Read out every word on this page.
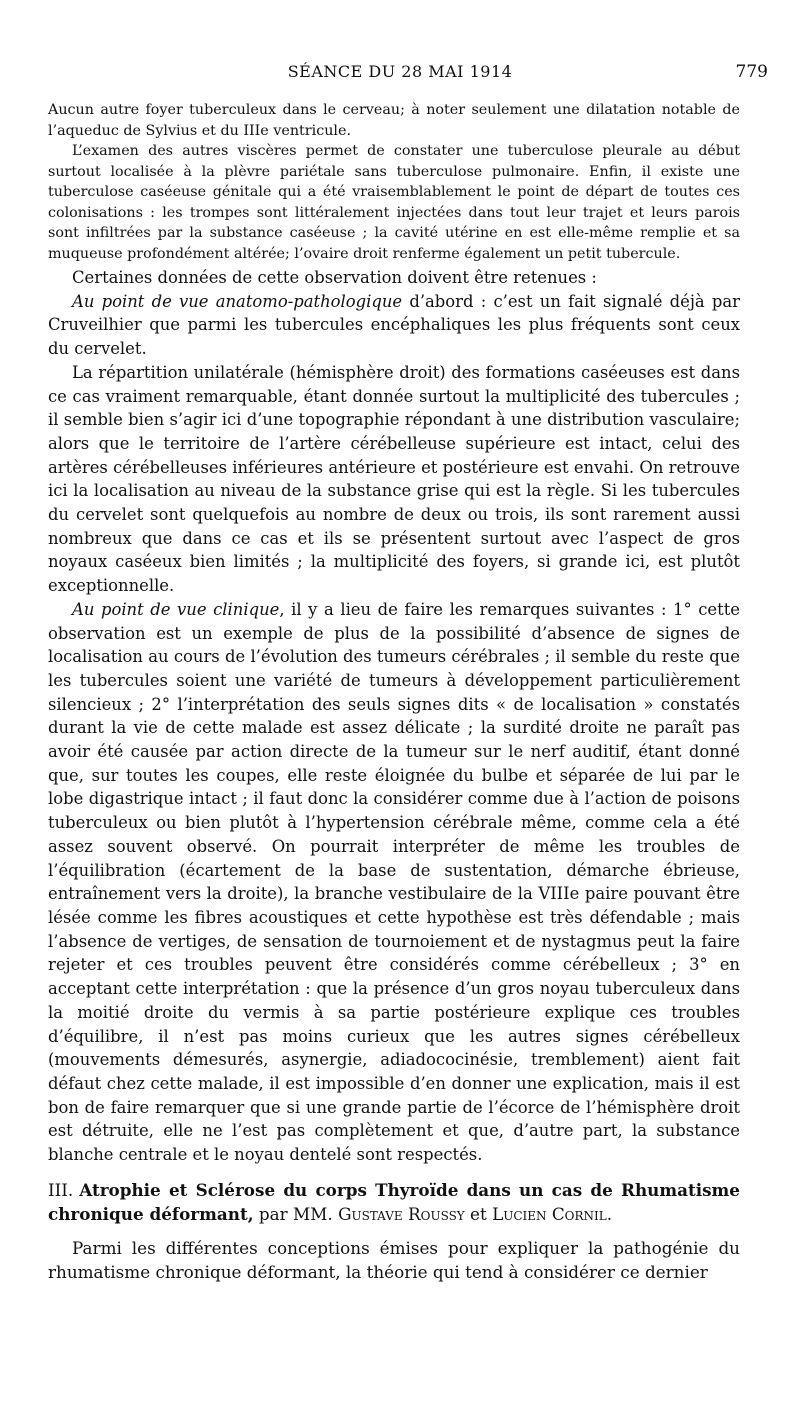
SÉANCE DU 28 MAI 1914	779

Aucun autre foyer tuberculeux dans le cerveau; à noter seulement une dilatation notable de l’aqueduc de Sylvius et du IIIe ventricule.

L’examen des autres viscères permet de constater une tuberculose pleurale au début surtout localisée à la plèvre pariétale sans tuberculose pulmonaire. Enfin, il existe une tuberculose caséeuse génitale qui a été vraisemblablement le point de départ de toutes ces colonisations : les trompes sont littéralement injectées dans tout leur trajet et leurs parois sont infiltrées par la substance caséeuse ; la cavité utérine en est elle-même remplie et sa muqueuse profondément altérée; l’ovaire droit renferme également un petit tubercule.

Certaines données de cette observation doivent être retenues :

Au point de vue anatomo-pathologique d’abord : c’est un fait signalé déjà par Cruveilhier que parmi les tubercules encéphaliques les plus fréquents sont ceux du cervelet.

La répartition unilatérale (hémisphère droit) des formations caséeuses est dans ce cas vraiment remarquable, étant donnée surtout la multiplicité des tubercules ; il semble bien s’agir ici d’une topographie répondant à une distribution vasculaire; alors que le territoire de l’artère cérébelleuse supérieure est intact, celui des artères cérébelleuses inférieures antérieure et postérieure est envahi. On retrouve ici la localisation au niveau de la substance grise qui est la règle. Si les tubercules du cervelet sont quelquefois au nombre de deux ou trois, ils sont rarement aussi nombreux que dans ce cas et ils se présentent surtout avec l’aspect de gros noyaux caséeux bien limités ; la multiplicité des foyers, si grande ici, est plutôt exceptionnelle.

Au point de vue clinique, il y a lieu de faire les remarques suivantes : 1° cette observation est un exemple de plus de la possibilité d’absence de signes de localisation au cours de l’évolution des tumeurs cérébrales ; il semble du reste que les tubercules soient une variété de tumeurs à développement particulièrement silencieux ; 2° l’interprétation des seuls signes dits « de localisation » constatés durant la vie de cette malade est assez délicate ; la surdité droite ne paraît pas avoir été causée par action directe de la tumeur sur le nerf auditif, étant donné que, sur toutes les coupes, elle reste éloignée du bulbe et séparée de lui par le lobe digastrique intact ; il faut donc la considérer comme due à l’action de poisons tuberculeux ou bien plutôt à l’hypertension cérébrale même, comme cela a été assez souvent observé. On pourrait interpréter de même les troubles de l’équilibration (écartement de la base de sustentation, démarche ébrieuse, entraînement vers la droite), la branche vestibulaire de la VIIIe paire pouvant être lésée comme les fibres acoustiques et cette hypothèse est très défendable ; mais l’absence de vertiges, de sensation de tournoiement et de nystagmus peut la faire rejeter et ces troubles peuvent être considérés comme cérébelleux ; 3° en acceptant cette interprétation : que la présence d’un gros noyau tuberculeux dans la moitié droite du vermis à sa partie postérieure explique ces troubles d’équilibre, il n’est pas moins curieux que les autres signes cérébelleux (mouvements démesurés, asynergie, adiadococinésie, tremblement) aient fait défaut chez cette malade, il est impossible d’en donner une explication, mais il est bon de faire remarquer que si une grande partie de l’écorce de l’hémisphère droit est détruite, elle ne l’est pas complètement et que, d’autre part, la substance blanche centrale et le noyau dentelé sont respectés.

III. Atrophie et Sclérose du corps Thyroïde dans un cas de Rhumatisme chronique déformant, par MM. Gustave Roussy et Lucien Cornil.

Parmi les différentes conceptions émises pour expliquer la pathogénie du rhumatisme chronique déformant, la théorie qui tend à considérer ce dernier
